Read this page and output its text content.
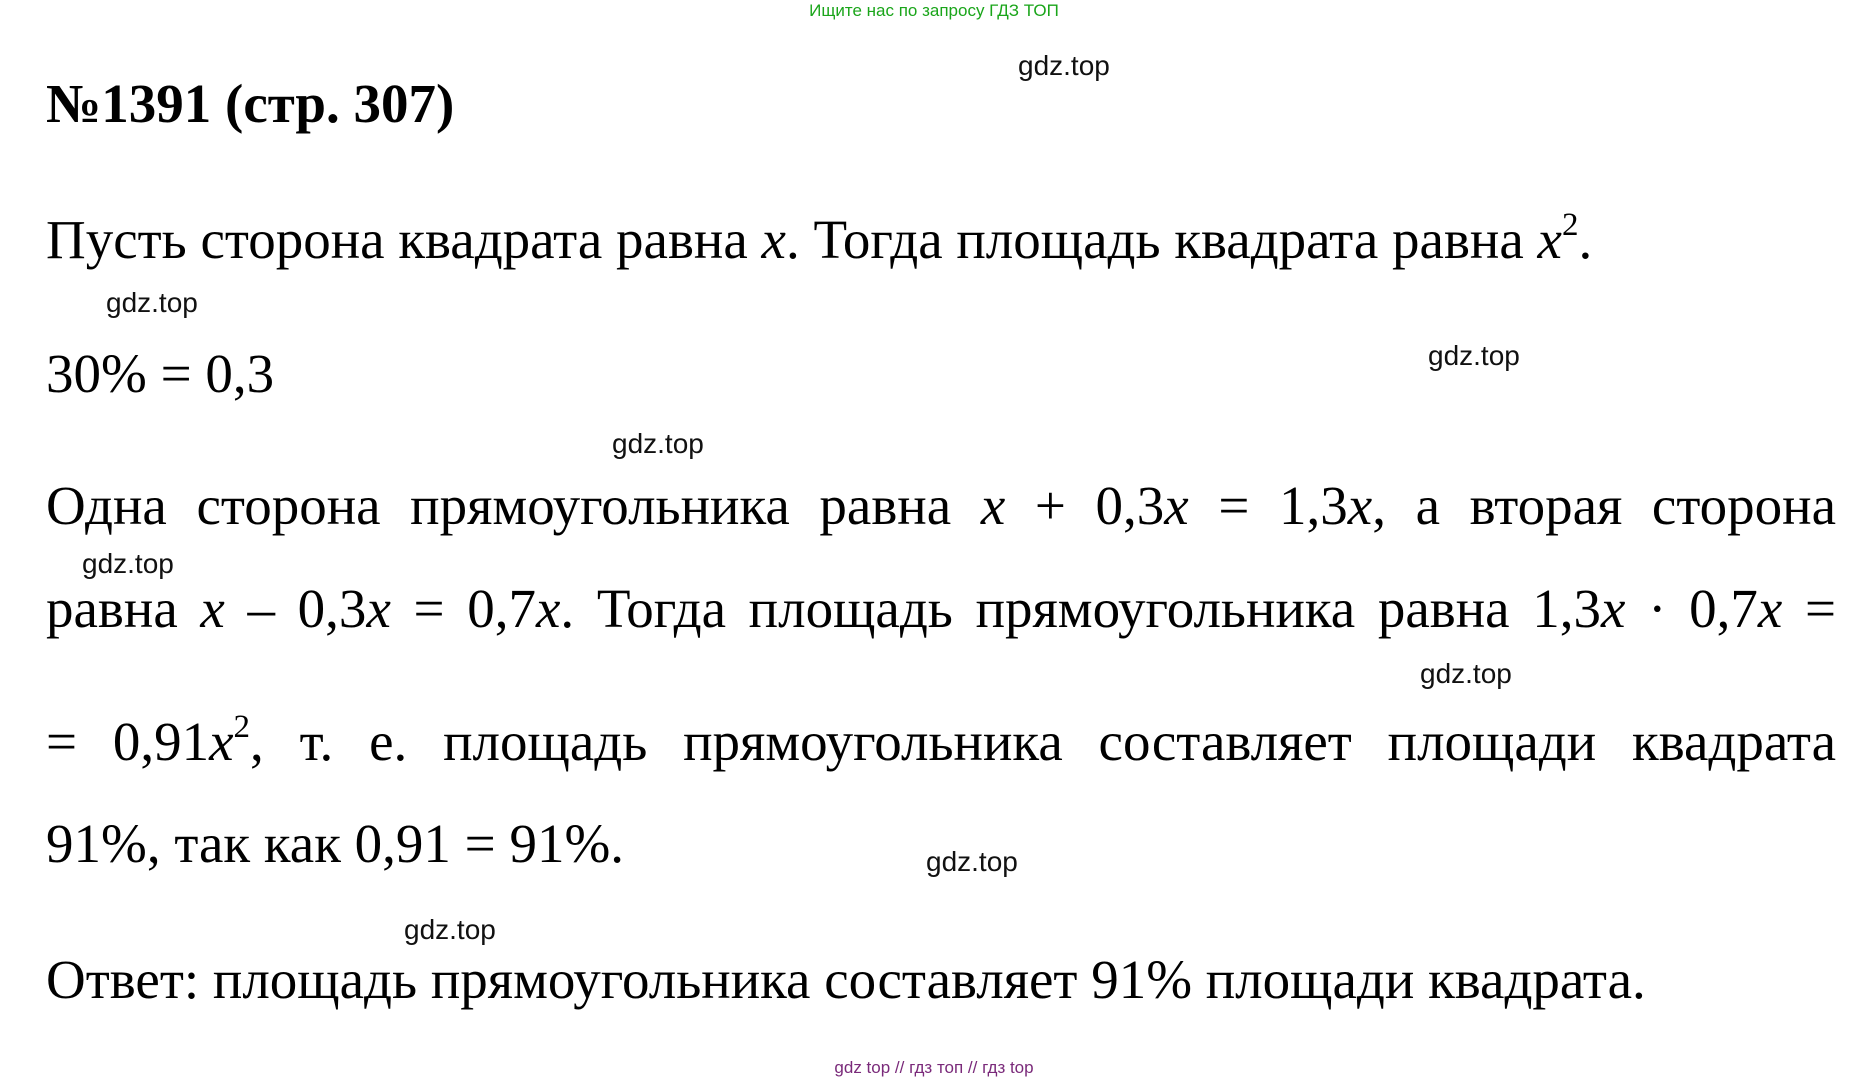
Ищите нас по запросу ГДЗ ТОП
№1391 (стр. 307)
Пусть сторона квадрата равна x. Тогда площадь квадрата равна $x^2$.
30% = 0,3
Одна сторона прямоугольника равна x + 0,3x = 1,3x, а вторая сторона
равна x – 0,3x = 0,7x. Тогда площадь прямоугольника равна 1,3x · 0,7x =
= $0,91x^2$, т. е. площадь прямоугольника составляет площади квадрата
91%, так как 0,91 = 91%.
Ответ: площадь прямоугольника составляет 91% площади квадрата.
gdz.top
gdz.top
gdz.top
gdz.top
gdz.top
gdz.top
gdz.top
gdz.top
gdz top // гдз топ // гдз top
